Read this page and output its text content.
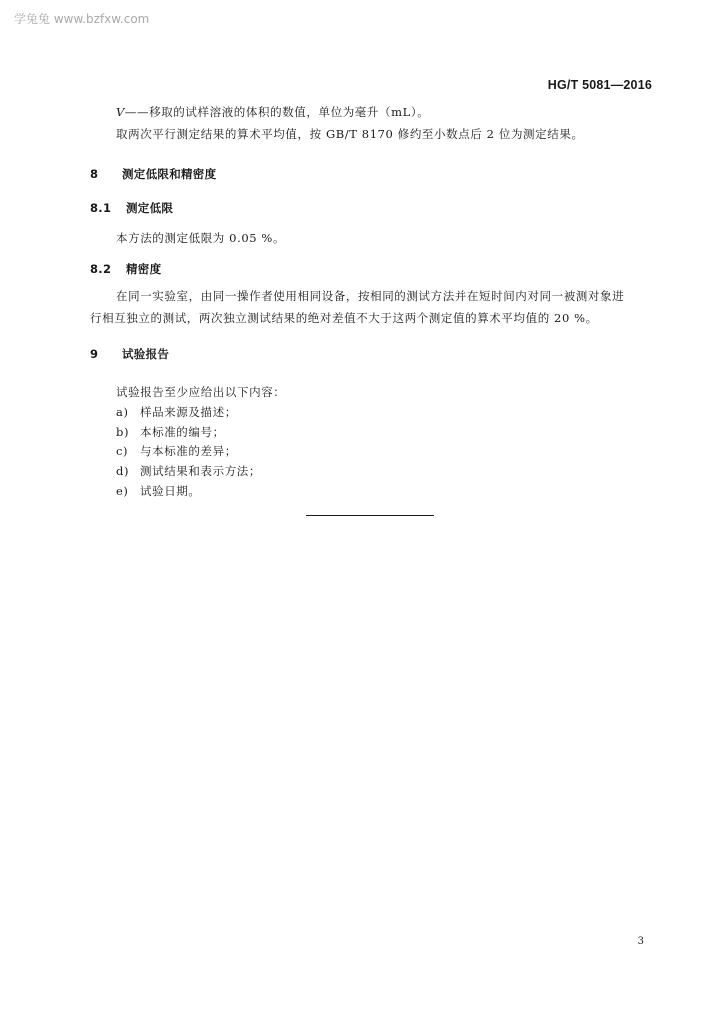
学兔兔 www.bzfxw.com
HG/T 5081—2016
V——移取的试样溶液的体积的数值，单位为毫升（mL）。
取两次平行测定结果的算术平均值，按 GB/T 8170 修约至小数点后 2 位为测定结果。
8 测定低限和精密度
8.1 测定低限
本方法的测定低限为 0.05 %。
8.2 精密度
在同一实验室，由同一操作者使用相同设备，按相同的测试方法并在短时间内对同一被测对象进
行相互独立的测试，两次独立测试结果的绝对差值不大于这两个测定值的算术平均值的 20 %。
9 试验报告
试验报告至少应给出以下内容：
a) 样品来源及描述；
b) 本标准的编号；
c) 与本标准的差异；
d) 测试结果和表示方法；
e) 试验日期。
3
